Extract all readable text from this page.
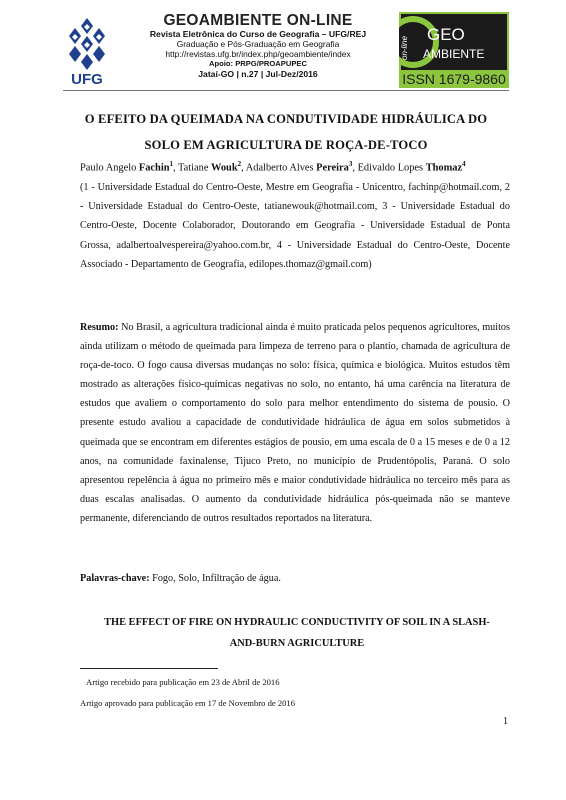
UFG
GEOAMBIENTE ON-LINE
Revista Eletrônica do Curso de Geografia – UFG/REJ
Graduação e Pós-Graduação em Geografia
http://revistas.ufg.br/index.php/geoambiente/index
Apoio: PRPG/PROAPUPEC
Jataí-GO | n.27 | Jul-Dez/2016
on-line
GEO
AMBIENTE
ISSN 1679-9860
O EFEITO DA QUEIMADA NA CONDUTIVIDADE HIDRÁULICA DO
SOLO EM AGRICULTURA DE ROÇA-DE-TOCO
Paulo Angelo Fachin$^1$, Tatiane Wouk$^2$, Adalberto Alves Pereira$^3$, Edivaldo Lopes Thomaz$^4$
(1 - Universidade Estadual do Centro-Oeste, Mestre em Geografia - Unicentro, fachinp@hotmail.com, 2 - Universidade Estadual do Centro-Oeste, tatianewouk@hotmail.com, 3 - Universidade Estadual do Centro-Oeste, Docente Colaborador, Doutorando em Geografia - Universidade Estadual de Ponta Grossa, adalbertoalvespereira@yahoo.com.br, 4 - Universidade Estadual do Centro-Oeste, Docente Associado - Departamento de Geografia, edilopes.thomaz@gmail.com)
Resumo: No Brasil, a agricultura tradicional ainda é muito praticada pelos pequenos agricultores, muitos ainda utilizam o método de queimada para limpeza de terreno para o plantio, chamada de agricultura de roça-de-toco. O fogo causa diversas mudanças no solo: física, química e biológica. Muitos estudos têm mostrado as alterações físico-químicas negativas no solo, no entanto, há uma carência na literatura de estudos que avaliem o comportamento do solo para melhor entendimento do sistema de pousio. O presente estudo avaliou a capacidade de condutividade hidráulica de água em solos submetidos à queimada que se encontram em diferentes estágios de pousio, em uma escala de 0 a 15 meses e de 0 a 12 anos, na comunidade faxinalense, Tijuco Preto, no município de Prudentópolis, Paraná. O solo apresentou repelência à água no primeiro mês e maior condutividade hidráulica no terceiro mês para as duas escalas analisadas. O aumento da condutividade hidráulica pós-queimada não se manteve permanente, diferenciando de outros resultados reportados na literatura.
Palavras-chave: Fogo, Solo, Infiltração de água.
THE EFFECT OF FIRE ON HYDRAULIC CONDUCTIVITY OF SOIL IN A SLASH-
AND-BURN AGRICULTURE
Artigo recebido para publicação em 23 de Abril de 2016
Artigo aprovado para publicação em 17 de Novembro de 2016
1
